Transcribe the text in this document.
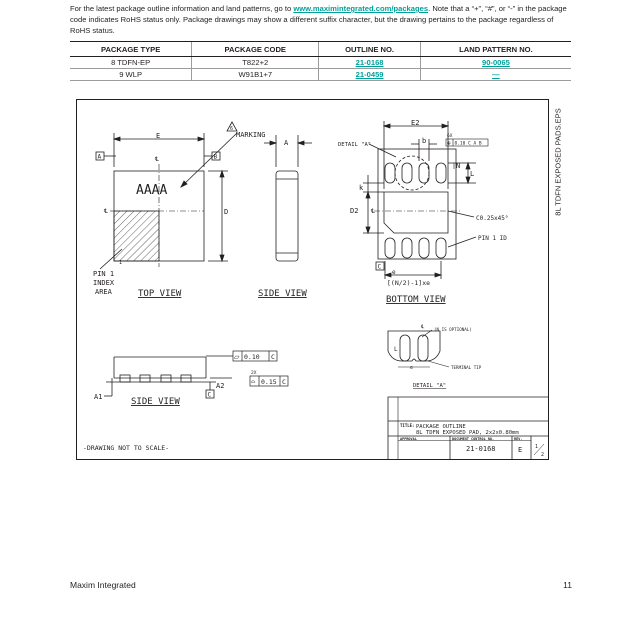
For the latest package outline information and land patterns, go to www.maximintegrated.com/packages. Note that a “+”, “#”, or “-” in the package code indicates RoHS status only. Package drawings may show a different suffix character, but the drawing pertains to the package regardless of RoHS status.
PACKAGE TYPE	PACKAGE CODE	OUTLINE NO.	LAND PATTERN NO.
8 TDFN-EP	T822+2	21-0168	90-0065
9 WLP	W91B1+7	21-0459	—
E
D
A	B
℄
℄
AAAA
6
MARKING
1
PIN 1
INDEX
AREA	TOP VIEW
A
SIDE VIEW
DETAIL "A"
E2
b
6X
⊕ 0.10 C A B
N
L
k
D2 ℄
C0.25x45°
PIN 1 ID
C
e
[(N/2)-1]xe
BOTTOM VIEW
℄ (N IS OPTIONAL)
L
e	TERMINAL TIP
DETAIL "A"
⏥ 0.10 C
A2
C
2X
⌓ 0.15 C
A1	SIDE VIEW
TITLE: PACKAGE OUTLINE
8L TDFN EXPOSED PAD, 2x2x0.80mm
APPROVAL	DOCUMENT CONTROL NO.	REV.
21-0168	E	1
2
-DRAWING NOT TO SCALE-
8L TDFN EXPOSED PADS.EPS
Maxim Integrated	11
